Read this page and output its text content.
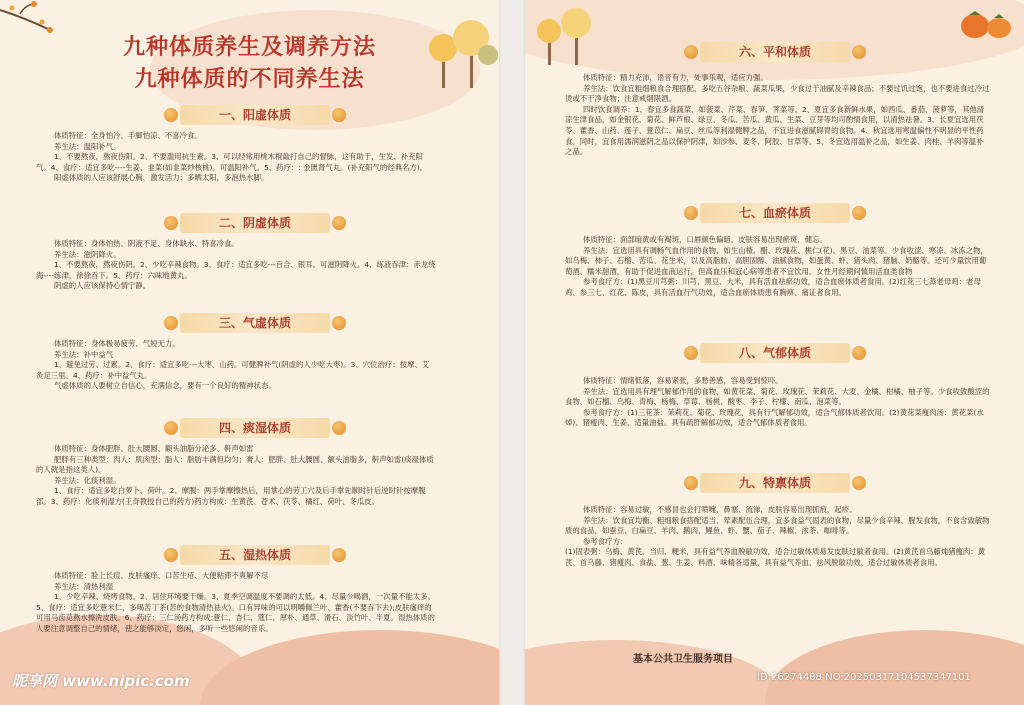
九种体质养生及调养方法
九种体质的不同养生法
一、阳虚体质

体质特征：全身怕冷、手脚怕凉、不喜冷食。

养生法：温阳补气。

1、不要熬夜，熬夜伤阳。2、不要滥用抗生素。3、可以经常用桃木棍敲打自己的督脉，这有助于，生发、补充阳气。4、食疗：适宜多吃----生姜、韭菜(如韭菜炒核桃)。可温阳补气。5、药疗：: 金匮肾气丸。(补充阳气的经典名方)。

阳虚体质的人应该舒展心胸，激发活力；多晒太阳，多泡热水脚。

二、阴虚体质

体质特征：身体怕热、阴液不足、身体缺水、特喜冷食。

养生法：滋阴降火。

1、不要熬夜，熬夜伤阴。2、少吃辛辣食物。3、食疗：适宜多吃---百合、银耳。可滋阴降火。4、练液吞津：赤龙绕海----练津，徐徐吞下。5、药疗：六味地黄丸。

阴虚的人应该保持心情宁静。

三、气虚体质

体质特征：身体极易疲劳、气短无力。

养生法：补中益气

1、避免过劳、过累。2、食疗：适宜多吃---大枣、山药。可健脾补气(阴虚的人少吃大枣)。3、穴位治疗：按摩、艾灸足三里。4、药疗：补中益气丸。

气虚体质的人要树立自信心，充满信念，要有一个良好的精神状态。

四、痰湿体质

体质特征：身体肥胖、肚大腰圆、额头油脂分泌多、鼾声如雷

肥胖有三种类型：肉人：肌肉型；脂人：脂肪丰满但均匀；膏人：肥胖、肚大腰圆、额头油脂多，鼾声如雷(痰湿体质的人就是指这类人)。

养生法：化痰利湿。

1、食疗：适宜多吃白萝卜、荷叶。2、摩腹：两手掌摩擦热后，用掌心的劳工穴及后手掌先顺时针后逆时针按摩腹部。3、药疗：化痰利湿方(王奇教授自己的药方)药方构成：生黄芪、苍术、茯苓、橘红、荷叶、冬瓜皮。

五、湿热体质

体质特征：脸上长痘、皮肤瘙痒、口苦生疮、大便粘滞不爽解不尽

养生法：清热利湿

1、少吃辛辣、烧烤食物。2、居住环境要干燥。3、夏季空调温度不要调的太低。4、尽量少喝酒，一次量不能太多。5、食疗：适宜多吃薏米仁、多喝苦丁茶(苦的食物清热祛火)。口有异味的可以明嚼佩兰叶、藿香(不要吞下去);皮肤瘙痒的可用马齿苋熬水擦洗皮肤。6、药疗：三仁汤药方构成:薏仁、杏仁、蔻仁、厚朴、通草、滑石、淡竹叶、半夏。湿热体质的人要注意调整自己的情绪，使之能够淡定，悠闲，多听一些悠闲的音乐。

昵享网 www.nipic.com
六、平和体质

体质特征：精力充沛，语音有力，处事乐观，适应力强。

养生法：饮食宜粗细粮食合理搭配，多吃五谷杂粮、蔬菜瓜果，少食过于油腻及辛辣食品；不要过饥过饱，也不要进食过冷过烫或不干净食物；注意戒烟限酒。

四时饮食调养：1、春宜多食蔬菜，如菠菜、芹菜、春笋、荠菜等。2、夏宜多食新鲜水果，如西瓜、番茄、菠萝等，其他清凉生津食品，如金银花、菊花、鲜芦根、绿豆、冬瓜、苦瓜、黄瓜、生菜、豆芽等均可酌情食用，以清热祛暑。3、长夏宜选用茯苓、藿香、山药、莲子、薏苡仁、扁豆、丝瓜等利湿健脾之品，不宜进食滋腻碍胃的食物。4、秋宜选用寒温偏性不明显的平性药食。同时，宜食用濡润滋阴之品以保护阴津，如沙参、麦冬、阿胶、甘草等。5、冬宜选用温补之品，如生姜、肉桂、羊肉等温补之品。

七、血瘀体质

体质特征：面部暗黄或有褐斑，口唇颜色偏暗，皮肤容易出现瘀斑，健忘。

养生法：宜选用具有调畅气血作用的食物，如生山楂、醋、玫瑰花、桃仁(花)、黑豆、油菜等。少食收涩、寒凉、冰冻之物，如乌梅、柿子、石榴、苦瓜、花生米，以及高脂肪、高胆固醇、油腻食物，如蛋黄、虾、猪头肉、猪脑、奶酪等。还可少量饮用葡萄酒、糯米甜酒，有助于促进血液运行，但高血压和冠心病等患者不宜饮用。女性月经期间慎用活血类食物

参考食疗方：(1)黑豆川芎粥：川芎、黑豆、大米，具有活血祛瘀功效，适合血瘀体质者食用。(2)红花三七蒸老母鸡：老母鸡、参三七、红花、陈皮，具有活血行气功效，适合血瘀体质患有胸痹、痛证者食用。

八、气郁体质

体质特征：情绪低落，容易紧张，多愁善感，容易受到惊吓。

养生法：宜选用具有理气解郁作用的食物，如黄花菜、菊花、玫瑰花、茉莉花、大麦、金橘、柑橘、柚子等。少食收敛酸涩的食物，如石榴、乌梅、青梅、杨梅、草莓、杨桃、酸枣、李子、柠檬、南瓜、泡菜等。

参考食疗方：(1)三花茶：茉莉花、菊花、玫瑰花，具有行气解郁功效，适合气郁体质者饮用。(2)黄花菜瘦肉汤：黄花菜(水焯)、猪瘦肉、生姜，适量油盐。具有疏肝解郁功效，适合气郁体质者食用。

九、特禀体质

体质特征：容易过敏，不感冒也会打喷嚏、鼻塞、流涕，皮肤容易出现抓痕、起疹。

养生法：饮食宜均衡、粗细粮食搭配适当、荤素配伍合理，宜多食益气固表的食物，尽量少食辛辣、腥发食物，不食含致敏物质的食品，如蚕豆、白扁豆、羊肉、鹅肉、鲤鱼、虾、蟹、茄子、辣椒、浓茶、咖啡等。

参考食疗方：

(1)固表粥：乌梅、黄芪、当归、粳米，具有益气养血脱敏功效，适合过敏体质易发皮肤过敏者食用。(2)黄芪首乌藤炖猪瘦肉：黄芪、首乌藤、猪瘦肉、食盐、葱、生姜、料酒、味精各适量，具有益气养血、祛风脱敏功效，适合过敏体质者食用。

基本公共卫生服务项目
ID:26274488 NO:20250317104537347101
